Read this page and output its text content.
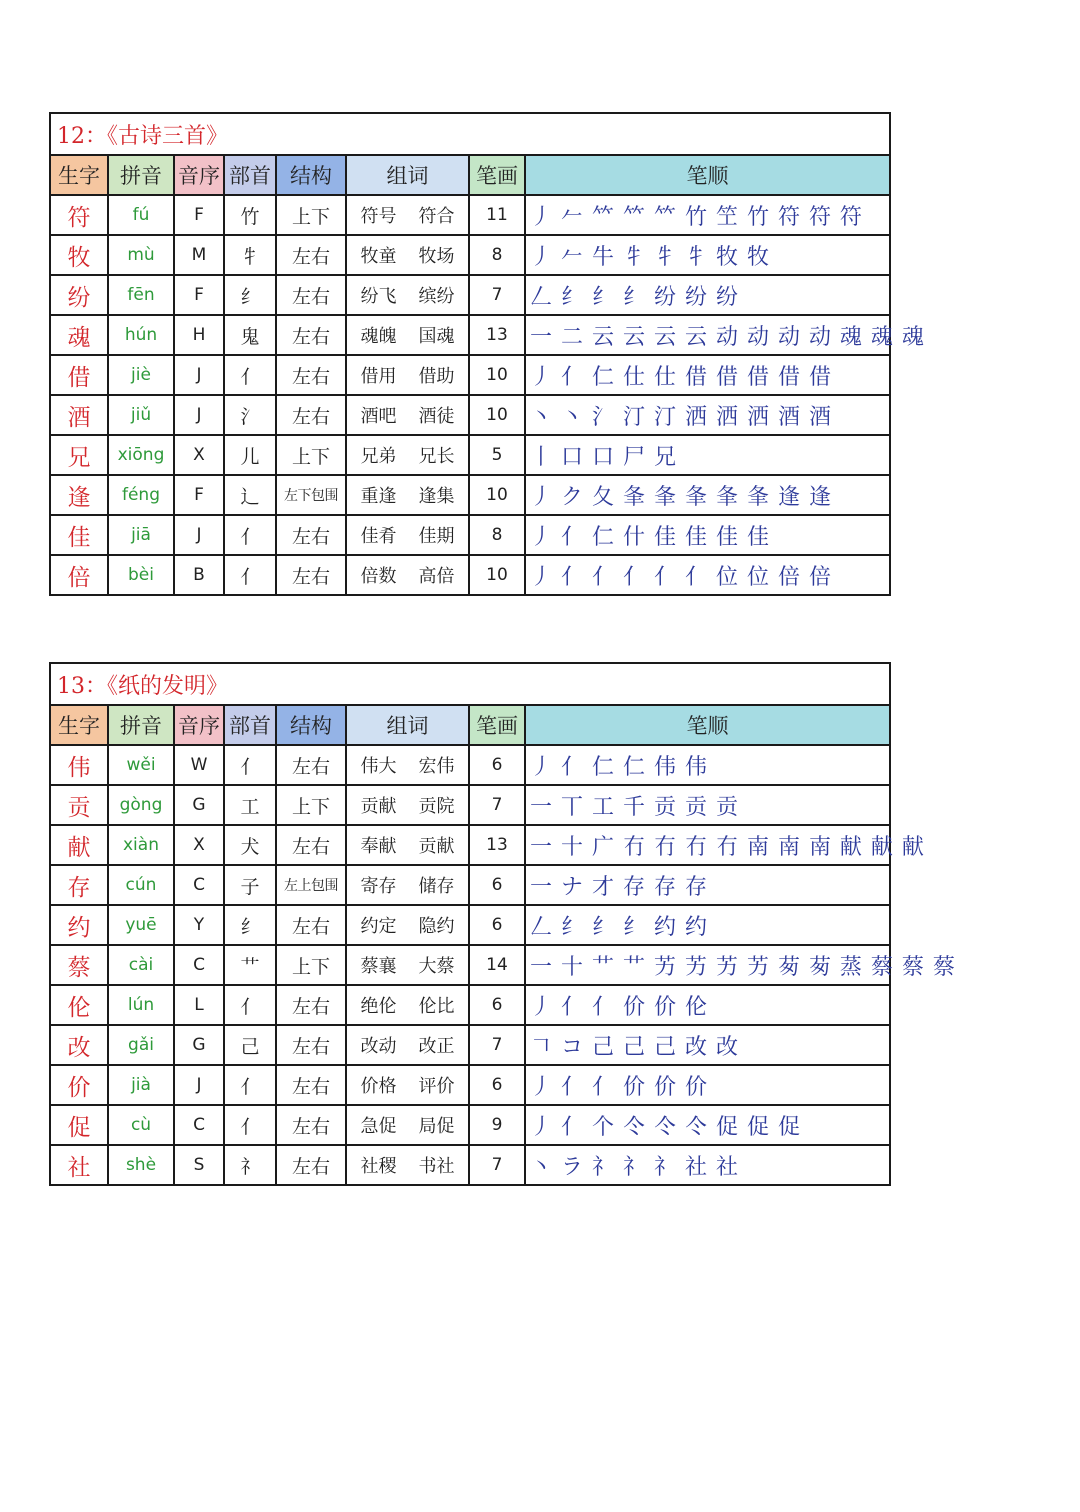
12：《古诗三首》							
生字	拼音	音序	部首	结构	组词	笔画	笔顺
符	fú	F	竹	上下	符号 符合	11	丿 𠂉 𥫗 𥫗 𥫗 竹 笁 竹 符 符 符
牧	mù	M	牜	左右	牧童 牧场	8	丿 𠂉 牛 牜 牜 牜 牧 牧
纷	fēn	F	纟	左右	纷飞 缤纷	7	𠃋 纟 纟 纟 纷 纷 纷
魂	hún	H	鬼	左右	魂魄 国魂	13	一 二 云 云 云 云 动 动 动 动 魂 魂 魂
借	jiè	J	亻	左右	借用 借助	10	丿 亻 仁 仕 仕 借 借 借 借 借
酒	jiǔ	J	氵	左右	酒吧 酒徒	10	丶 丶 氵 汀 汀 洒 洒 洒 酒 酒
兄	xiōng	X	儿	上下	兄弟 兄长	5	丨 口 口 尸 兄
逢	féng	F	辶	左下包围	重逢 逢集	10	丿 ク 夂 夆 夆 夆 夆 夆 逢 逢
佳	jiā	J	亻	左右	佳肴 佳期	8	丿 亻 仁 什 佳 佳 佳 佳
倍	bèi	B	亻	左右	倍数 高倍	10	丿 亻 亻 亻 亻 亻 位 位 倍 倍
13：《纸的发明》							
生字	拼音	音序	部首	结构	组词	笔画	笔顺
伟	wěi	W	亻	左右	伟大 宏伟	6	丿 亻 仁 仁 伟 伟
贡	gòng	G	工	上下	贡献 贡院	7	一 丅 工 千 贡 贡 贡
献	xiàn	X	犬	左右	奉献 贡献	13	一 十 广 冇 冇 冇 冇 南 南 南 献 献 献
存	cún	C	子	左上包围	寄存 储存	6	一 ナ 才 存 存 存
约	yuē	Y	纟	左右	约定 隐约	6	𠃋 纟 纟 纟 约 约
蔡	cài	C	艹	上下	蔡襄 大蔡	14	一 十 艹 艹 艻 艻 艻 艻 茐 茐 蒸 蔡 蔡 蔡
伦	lún	L	亻	左右	绝伦 伦比	6	丿 亻 亻 价 价 伦
改	gǎi	G	己	左右	改动 改正	7	𠃍 コ 己 己 己 改 改
价	jià	J	亻	左右	价格 评价	6	丿 亻 亻 价 价 价
促	cù	C	亻	左右	急促 局促	9	丿 亻 个 仒 仒 仒 促 促 促
社	shè	S	礻	左右	社稷 书社	7	丶 ラ 礻 礻 礻 社 社
